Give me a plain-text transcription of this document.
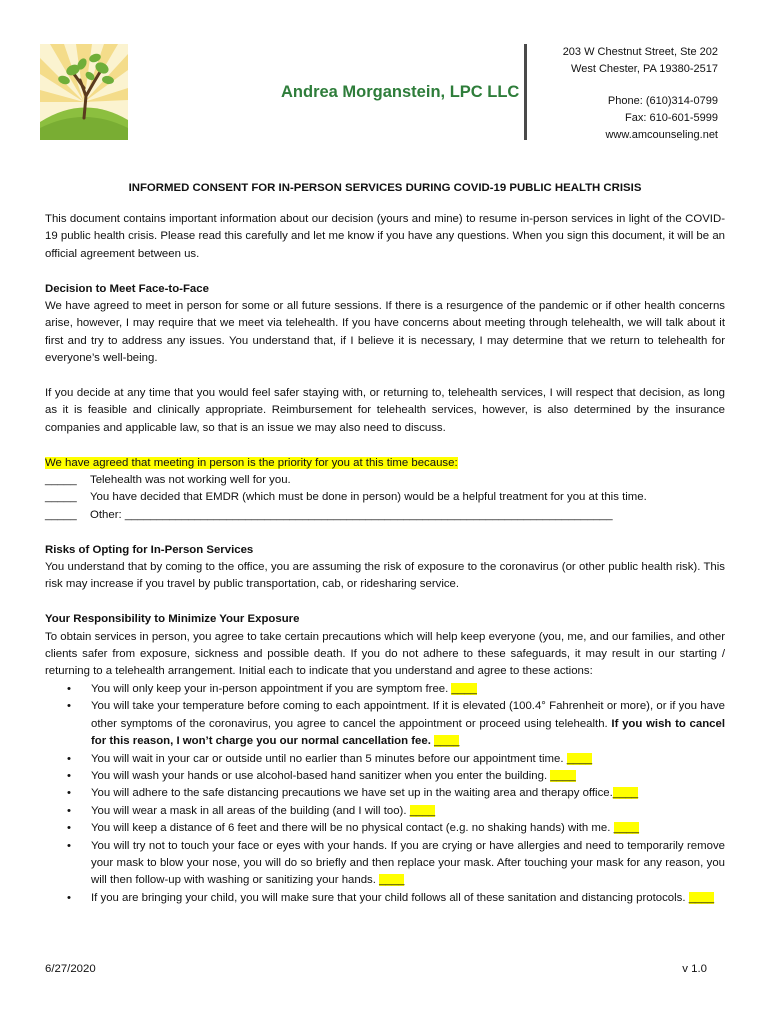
Andrea Morganstein, LPC LLC
203 W Chestnut Street, Ste 202
West Chester, PA 19380-2517
Phone: (610)314-0799
Fax: 610-601-5999
www.amcounseling.net
INFORMED CONSENT FOR IN-PERSON SERVICES DURING COVID-19 PUBLIC HEALTH CRISIS

This document contains important information about our decision (yours and mine) to resume in-person services in light of the COVID-19 public health crisis. Please read this carefully and let me know if you have any questions. When you sign this document, it will be an official agreement between us.

Decision to Meet Face-to-Face

We have agreed to meet in person for some or all future sessions. If there is a resurgence of the pandemic or if other health concerns arise, however, I may require that we meet via telehealth. If you have concerns about meeting through telehealth, we will talk about it first and try to address any issues. You understand that, if I believe it is necessary, I may determine that we return to telehealth for everyone’s well-being.

If you decide at any time that you would feel safer staying with, or returning to, telehealth services, I will respect that decision, as long as it is feasible and clinically appropriate. Reimbursement for telehealth services, however, is also determined by the insurance companies and applicable law, so that is an issue we may also need to discuss.

We have agreed that meeting in person is the priority for you at this time because:

_____	Telehealth was not working well for you.
_____	You have decided that EMDR (which must be done in person) would be a helpful treatment for you at this time.
_____	Other: _____________________________________________________________________________

Risks of Opting for In-Person Services

You understand that by coming to the office, you are assuming the risk of exposure to the coronavirus (or other public health risk). This risk may increase if you travel by public transportation, cab, or ridesharing service.

Your Responsibility to Minimize Your Exposure

To obtain services in person, you agree to take certain precautions which will help keep everyone (you, me, and our families, and other clients safer from exposure, sickness and possible death. If you do not adhere to these safeguards, it may result in our starting / returning to a telehealth arrangement. Initial each to indicate that you understand and agree to these actions:

• You will only keep your in-person appointment if you are symptom free. ____
• You will take your temperature before coming to each appointment. If it is elevated (100.4° Fahrenheit or more), or if you have other symptoms of the coronavirus, you agree to cancel the appointment or proceed using telehealth. If you wish to cancel for this reason, I won’t charge you our normal cancellation fee. ____
• You will wait in your car or outside until no earlier than 5 minutes before our appointment time. ____
• You will wash your hands or use alcohol-based hand sanitizer when you enter the building. ____
• You will adhere to the safe distancing precautions we have set up in the waiting area and therapy office.____
• You will wear a mask in all areas of the building (and I will too). ____
• You will keep a distance of 6 feet and there will be no physical contact (e.g. no shaking hands) with me. ____
• You will try not to touch your face or eyes with your hands. If you are crying or have allergies and need to temporarily remove your mask to blow your nose, you will do so briefly and then replace your mask. After touching your mask for any reason, you will then follow-up with washing or sanitizing your hands. ____
• If you are bringing your child, you will make sure that your child follows all of these sanitation and distancing protocols. ____
6/27/2020	v 1.0
